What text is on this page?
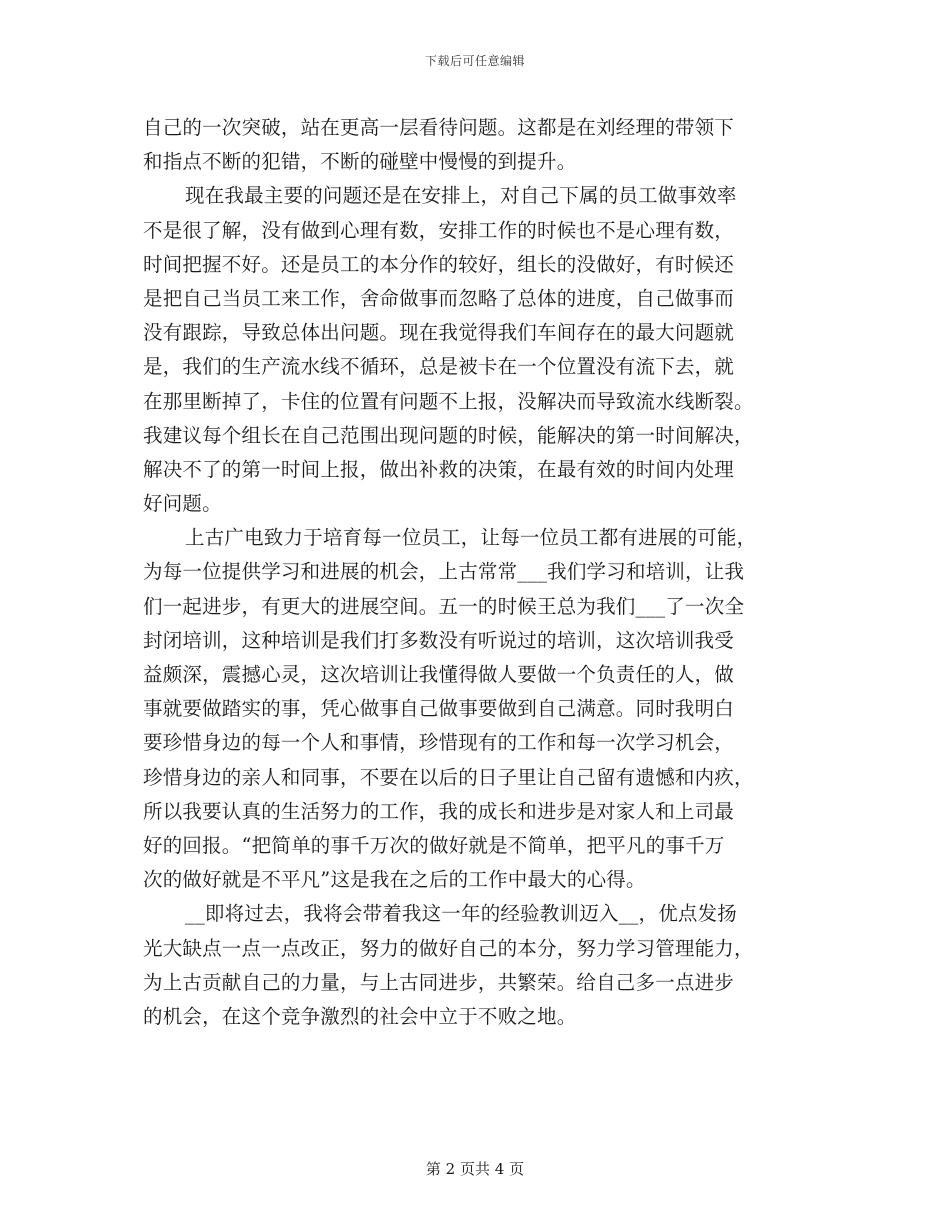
下载后可任意编辑
自己的一次突破，站在更高一层看待问题。这都是在刘经理的带领下
和指点不断的犯错，不断的碰壁中慢慢的到提升。
现在我最主要的问题还是在安排上，对自己下属的员工做事效率
不是很了解，没有做到心理有数，安排工作的时候也不是心理有数，
时间把握不好。还是员工的本分作的较好，组长的没做好，有时候还
是把自己当员工来工作，舍命做事而忽略了总体的进度，自己做事而
没有跟踪，导致总体出问题。现在我觉得我们车间存在的最大问题就
是，我们的生产流水线不循环，总是被卡在一个位置没有流下去，就
在那里断掉了，卡住的位置有问题不上报，没解决而导致流水线断裂。
我建议每个组长在自己范围出现问题的时候，能解决的第一时间解决，
解决不了的第一时间上报，做出补救的决策，在最有效的时间内处理
好问题。
上古广电致力于培育每一位员工，让每一位员工都有进展的可能，
为每一位提供学习和进展的机会，上古常常___我们学习和培训，让我
们一起进步，有更大的进展空间。五一的时候王总为我们___了一次全
封闭培训，这种培训是我们打多数没有听说过的培训，这次培训我受
益颇深，震撼心灵，这次培训让我懂得做人要做一个负责任的人，做
事就要做踏实的事，凭心做事自己做事要做到自己满意。同时我明白
要珍惜身边的每一个人和事情，珍惜现有的工作和每一次学习机会，
珍惜身边的亲人和同事，不要在以后的日子里让自己留有遗憾和内疚，
所以我要认真的生活努力的工作，我的成长和进步是对家人和上司最
好的回报。“把简单的事千万次的做好就是不简单，把平凡的事千万
次的做好就是不平凡”这是我在之后的工作中最大的心得。
__即将过去，我将会带着我这一年的经验教训迈入__，优点发扬
光大缺点一点一点改正，努力的做好自己的本分，努力学习管理能力，
为上古贡献自己的力量，与上古同进步，共繁荣。给自己多一点进步
的机会，在这个竞争激烈的社会中立于不败之地。
第 2 页共 4 页
